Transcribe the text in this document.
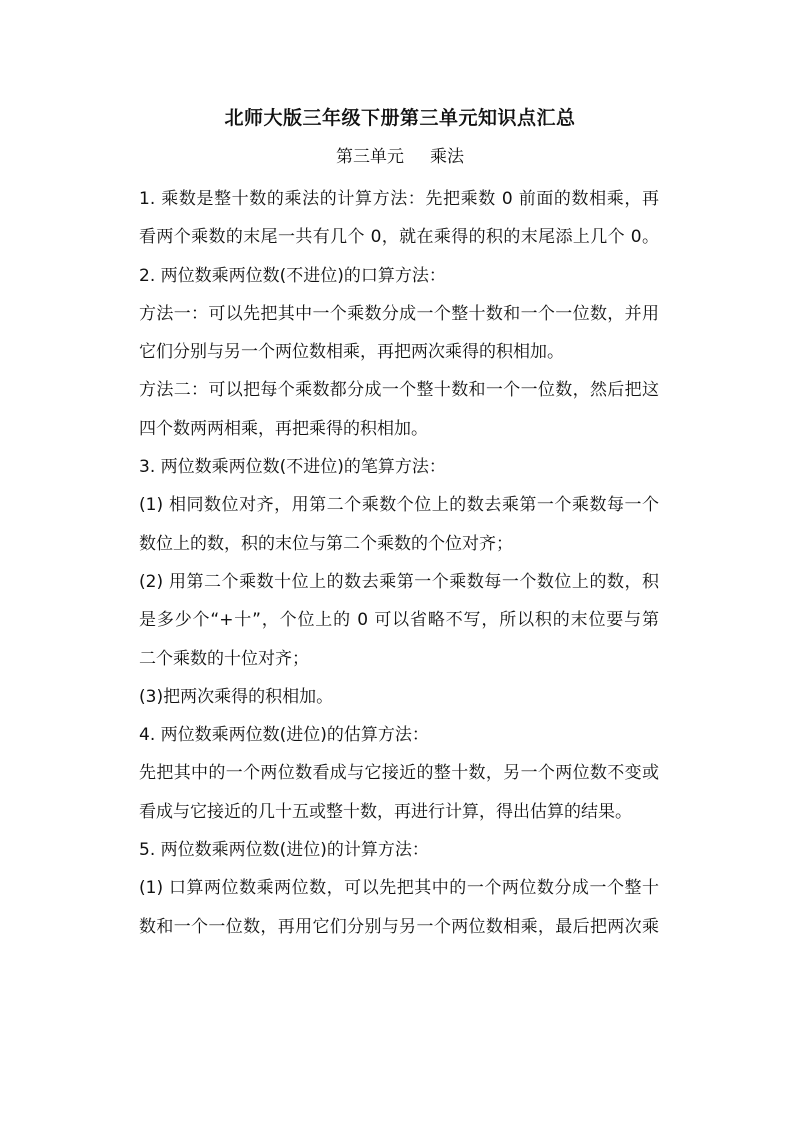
北师大版三年级下册第三单元知识点汇总
第三单元 乘法
1. 乘数是整十数的乘法的计算方法：先把乘数 0 前面的数相乘，再
看两个乘数的末尾一共有几个 0，就在乘得的积的末尾添上几个 0。
2. 两位数乘两位数(不进位)的口算方法：
方法一：可以先把其中一个乘数分成一个整十数和一个一位数，并用
它们分别与另一个两位数相乘，再把两次乘得的积相加。
方法二：可以把每个乘数都分成一个整十数和一个一位数，然后把这
四个数两两相乘，再把乘得的积相加。
3. 两位数乘两位数(不进位)的笔算方法：
(1) 相同数位对齐，用第二个乘数个位上的数去乘第一个乘数每一个
数位上的数，积的末位与第二个乘数的个位对齐；
(2) 用第二个乘数十位上的数去乘第一个乘数每一个数位上的数，积
是多少个“+十”，个位上的 0 可以省略不写，所以积的末位要与第
二个乘数的十位对齐；
(3)把两次乘得的积相加。
4. 两位数乘两位数(进位)的估算方法：
先把其中的一个两位数看成与它接近的整十数，另一个两位数不变或
看成与它接近的几十五或整十数，再进行计算，得出估算的结果。
5. 两位数乘两位数(进位)的计算方法：
(1) 口算两位数乘两位数，可以先把其中的一个两位数分成一个整十
数和一个一位数，再用它们分别与另一个两位数相乘，最后把两次乘
